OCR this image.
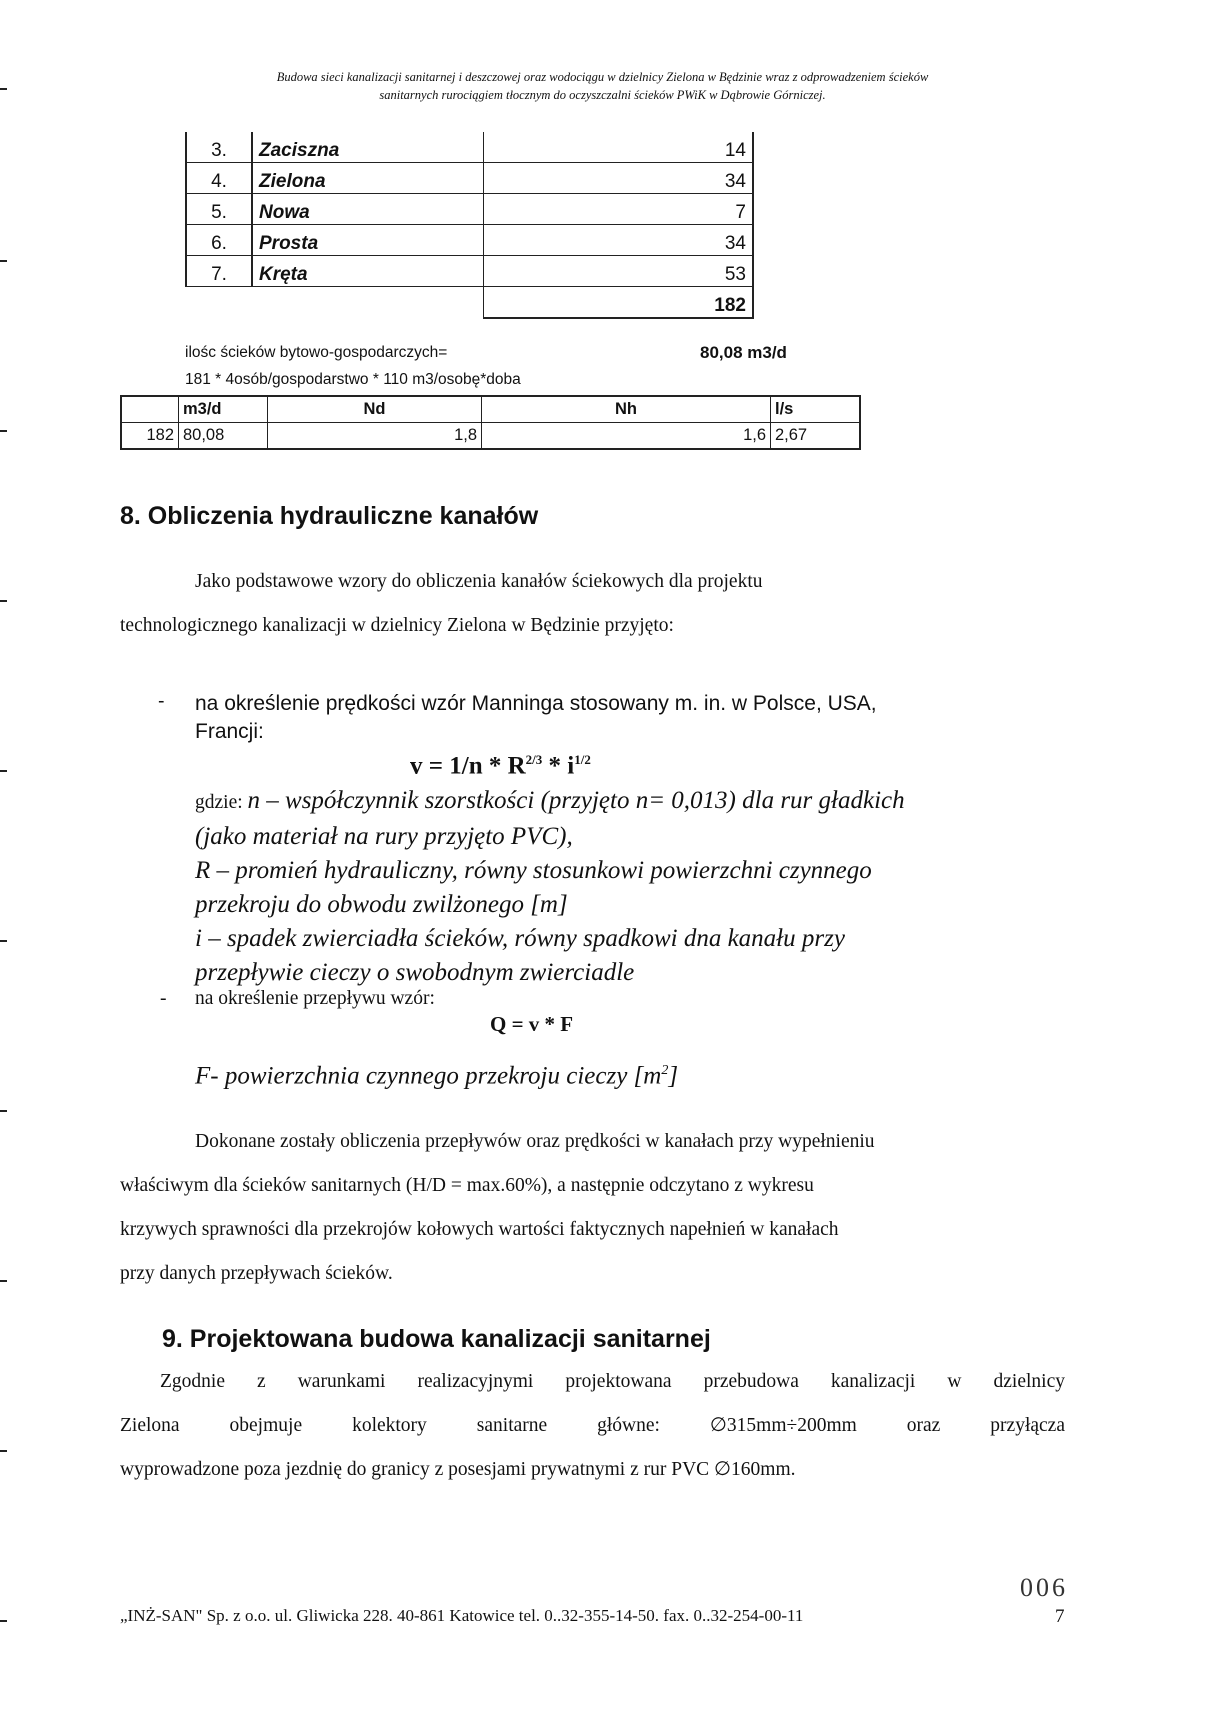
Budowa sieci kanalizacji sanitarnej i deszczowej oraz wodociągu w dzielnicy Zielona w Będzinie wraz z odprowadzeniem ścieków
sanitarnych rurociągiem tłocznym do oczyszczalni ścieków PWiK w Dąbrowie Górniczej.
3.	Zaciszna	14
4.	Zielona	34
5.	Nowa	7
6.	Prosta	34
7.	Kręta	53
		182
ilośc ścieków bytowo-gospodarczych=	80,08 m3/d
181 * 4osób/gospodarstwo * 110 m3/osobę*doba
	m3/d	Nd	Nh	l/s
182	80,08	1,8	1,6	2,67
8. Obliczenia hydrauliczne kanałów
Jako podstawowe wzory do obliczenia kanałów ściekowych dla projektu
technologicznego kanalizacji w dzielnicy Zielona w Będzinie przyjęto:
- na określenie prędkości wzór Manninga stosowany m. in. w Polsce, USA,
Francji:
$v = 1/n * R^{2/3} * i^{1/2}$
gdzie: n – współczynnik szorstkości (przyjęto n= 0,013) dla rur gładkich
(jako materiał na rury przyjęto PVC),
R – promień hydrauliczny, równy stosunkowi powierzchni czynnego
przekroju do obwodu zwilżonego [m]
i – spadek zwierciadła ścieków, równy spadkowi dna kanału przy
przepływie cieczy o swobodnym zwierciadle
- na określenie przepływu wzór:
Q = v * F
F- powierzchnia czynnego przekroju cieczy $[m^2]$
Dokonane zostały obliczenia przepływów oraz prędkości w kanałach przy wypełnieniu
właściwym dla ścieków sanitarnych (H/D = max.60%), a następnie odczytano z wykresu
krzywych sprawności dla przekrojów kołowych wartości faktycznych napełnień w kanałach
przy danych przepływach ścieków.
9. Projektowana budowa kanalizacji sanitarnej
Zgodnie z warunkami realizacyjnymi projektowana przebudowa kanalizacji w dzielnicy
Zielona obejmuje kolektory sanitarne główne: ∅315mm÷200mm oraz przyłącza
wyprowadzone poza jezdnię do granicy z posesjami prywatnymi z rur PVC ∅160mm.
006
„INŻ-SAN" Sp. z o.o. ul. Gliwicka 228. 40-861 Katowice tel. 0..32-355-14-50. fax. 0..32-254-00-11	7
